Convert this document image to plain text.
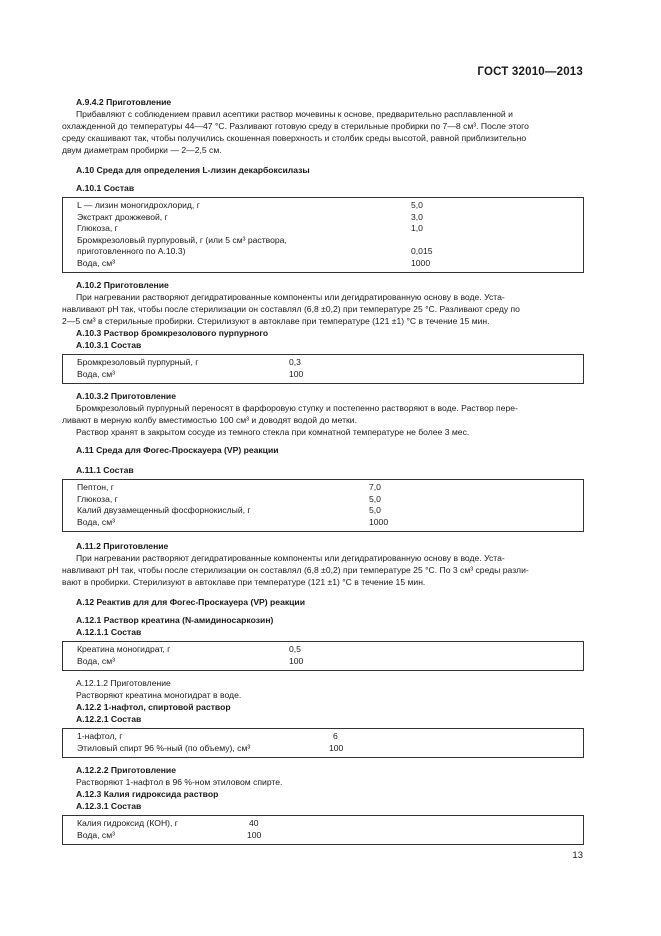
ГОСТ 32010—2013

А.9.4.2 Приготовление

Прибавляют с соблюдением правил асептики раствор мочевины к основе, предварительно расплавленной и

охлажденной до температуры 44—47 °С. Разливают готовую среду в стерильные пробирки по 7—8 см³. После этого

среду скашивают так, чтобы получились скошенная поверхность и столбик среды высотой, равной приблизительно

двум диаметрам пробирки — 2—2,5 см.

А.10 Среда для определения L-лизин декарбоксилазы

А.10.1 Состав

L — лизин моногидрохлорид, г	5,0
Экстракт дрожжевой, г	3,0
Глюкоза, г	1,0
Бромкрезоловый пурпуровый, г (или 5 см³ раствора,
приготовленного по А.10.3)	0,015
Вода, см³	1000

А.10.2 Приготовление

При нагревании растворяют дегидратированные компоненты или дегидратированную основу в воде. Уста-

навливают рН так, чтобы после стерилизации он составлял (6,8 ±0,2) при температуре 25 °С. Разливают среду по

2—5 см³ в стерильные пробирки. Стерилизуют в автоклаве при температуре (121 ±1) °С в течение 15 мин.

А.10.3 Раствор бромкрезолового пурпурного

А.10.3.1 Состав

Бромкрезоловый пурпурный, г	0,3
Вода, см³	100

А.10.3.2 Приготовление

Бромкрезоловый пурпурный переносят в фарфоровую ступку и постепенно растворяют в воде. Раствор пере-

ливают в мерную колбу вместимостью 100 см³ и доводят водой до метки.

Раствор хранят в закрытом сосуде из темного стекла при комнатной температуре не более 3 мес.

А.11 Среда для Фогес-Проскауера (VP) реакции

А.11.1 Состав

Пептон, г	7,0
Глюкоза, г	5,0
Калий двузамещенный фосфорнокислый, г	5,0
Вода, см³	1000

А.11.2 Приготовление

При нагревании растворяют дегидратированные компоненты или дегидратированную основу в воде. Уста-

навливают рН так, чтобы после стерилизации он составлял (6,8 ±0,2) при температуре 25 °С. По 3 см³ среды разли-

вают в пробирки. Стерилизуют в автоклаве при температуре (121 ±1) °С в течение 15 мин.

А.12 Реактив для для Фогес-Проскауера (VP) реакции

А.12.1 Раствор креатина (N-амидиносаркозин)

А.12.1.1 Состав

Креатина моногидрат, г	0,5
Вода, см³	100

А.12.1.2 Приготовление

Растворяют креатина моногидрат в воде.

А.12.2 1-нафтол, спиртовой раствор

А.12.2.1 Состав

1-нафтол, г	6
Этиловый спирт 96 %-ный (по объему), см³	100

А.12.2.2 Приготовление

Растворяют 1-нафтол в 96 %-ном этиловом спирте.

А.12.3 Калия гидроксида раствор

А.12.3.1 Состав

Калия гидроксид (КОН), г	40
Вода, см³	100
13
